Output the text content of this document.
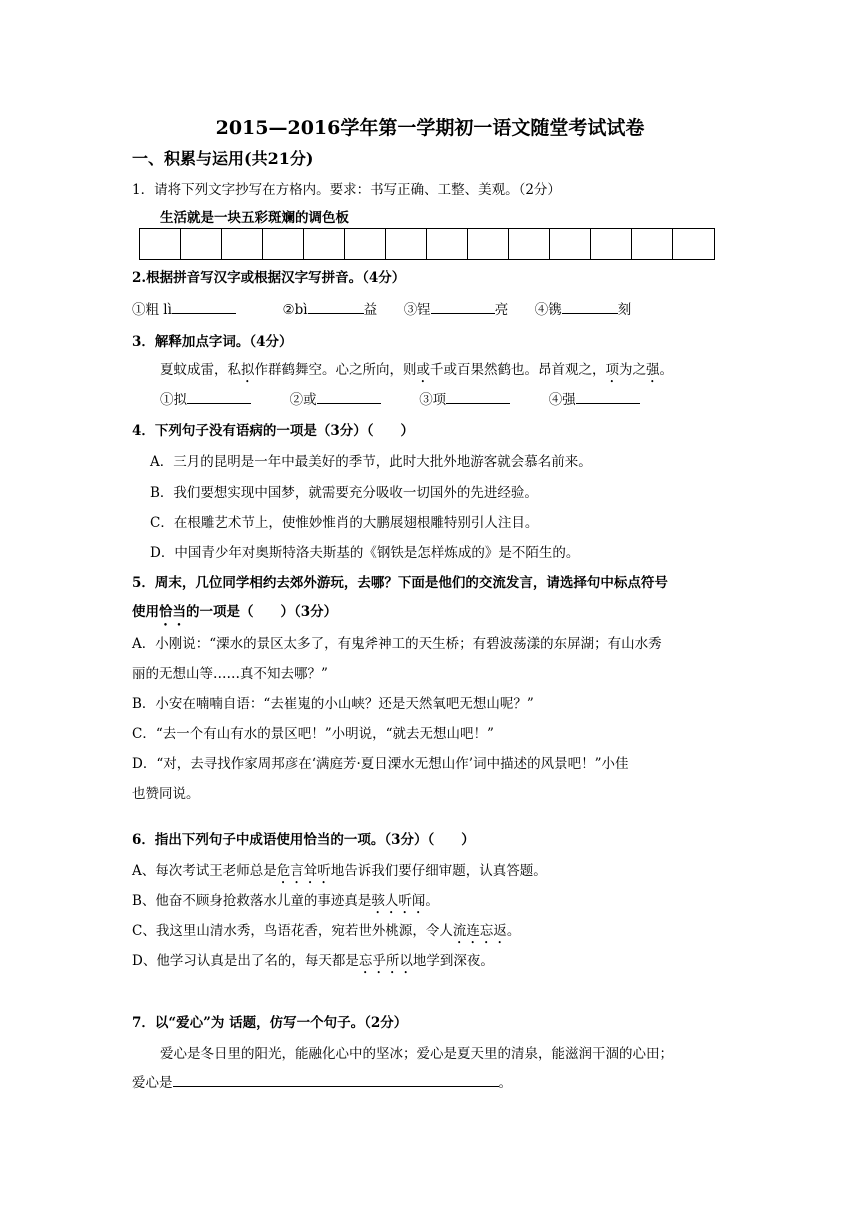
2015—2016学年第一学期初一语文随堂考试试卷
一、积累与运用(共21分)
1．请将下列文字抄写在方格内。要求：书写正确、工整、美观。（2分）
生活就是一块五彩斑斓的调色板
2.根据拼音写汉字或根据汉字写拼音。（4分）
①粗 lì	②bì	益 ③锃	亮 ④镌	刻
3．解释加点字词。（4分）
夏蚊成雷，私拟作群鹤舞空。心之所向，则或千或百果然鹤也。昂首观之，项为之强。
①拟	②或	③项	④强
4．下列句子没有语病的一项是（3分）（　　）
A．三月的昆明是一年中最美好的季节，此时大批外地游客就会慕名前来。
B．我们要想实现中国梦，就需要充分吸收一切国外的先进经验。
C．在根雕艺术节上，使惟妙惟肖的大鹏展翅根雕特别引人注目。
D．中国青少年对奥斯特洛夫斯基的《钢铁是怎样炼成的》是不陌生的。
5．周末，几位同学相约去郊外游玩，去哪？下面是他们的交流发言，请选择句中标点符号
使用恰当的一项是（　　）（3分）
A．小刚说：“溧水的景区太多了，有鬼斧神工的天生桥；有碧波荡漾的东屏湖；有山水秀
丽的无想山等……真不知去哪？”
B．小安在喃喃自语：“去崔嵬的小山峡？还是天然氧吧无想山呢？”
C．“去一个有山有水的景区吧！”小明说，“就去无想山吧！”
D．“对，去寻找作家周邦彦在‘满庭芳·夏日溧水无想山作’词中描述的风景吧！”小佳
也赞同说。
6．指出下列句子中成语使用恰当的一项。（3分）（　　）
A、每次考试王老师总是危言耸听地告诉我们要仔细审题，认真答题。
B、他奋不顾身抢救落水儿童的事迹真是骇人听闻。
C、我这里山清水秀，鸟语花香，宛若世外桃源，令人流连忘返。
D、他学习认真是出了名的，每天都是忘乎所以地学到深夜。
7．以“爱心”为 话题，仿写一个句子。（2分）
爱心是冬日里的阳光，能融化心中的坚冰；爱心是夏天里的清泉，能滋润干涸的心田；
爱心是	。
